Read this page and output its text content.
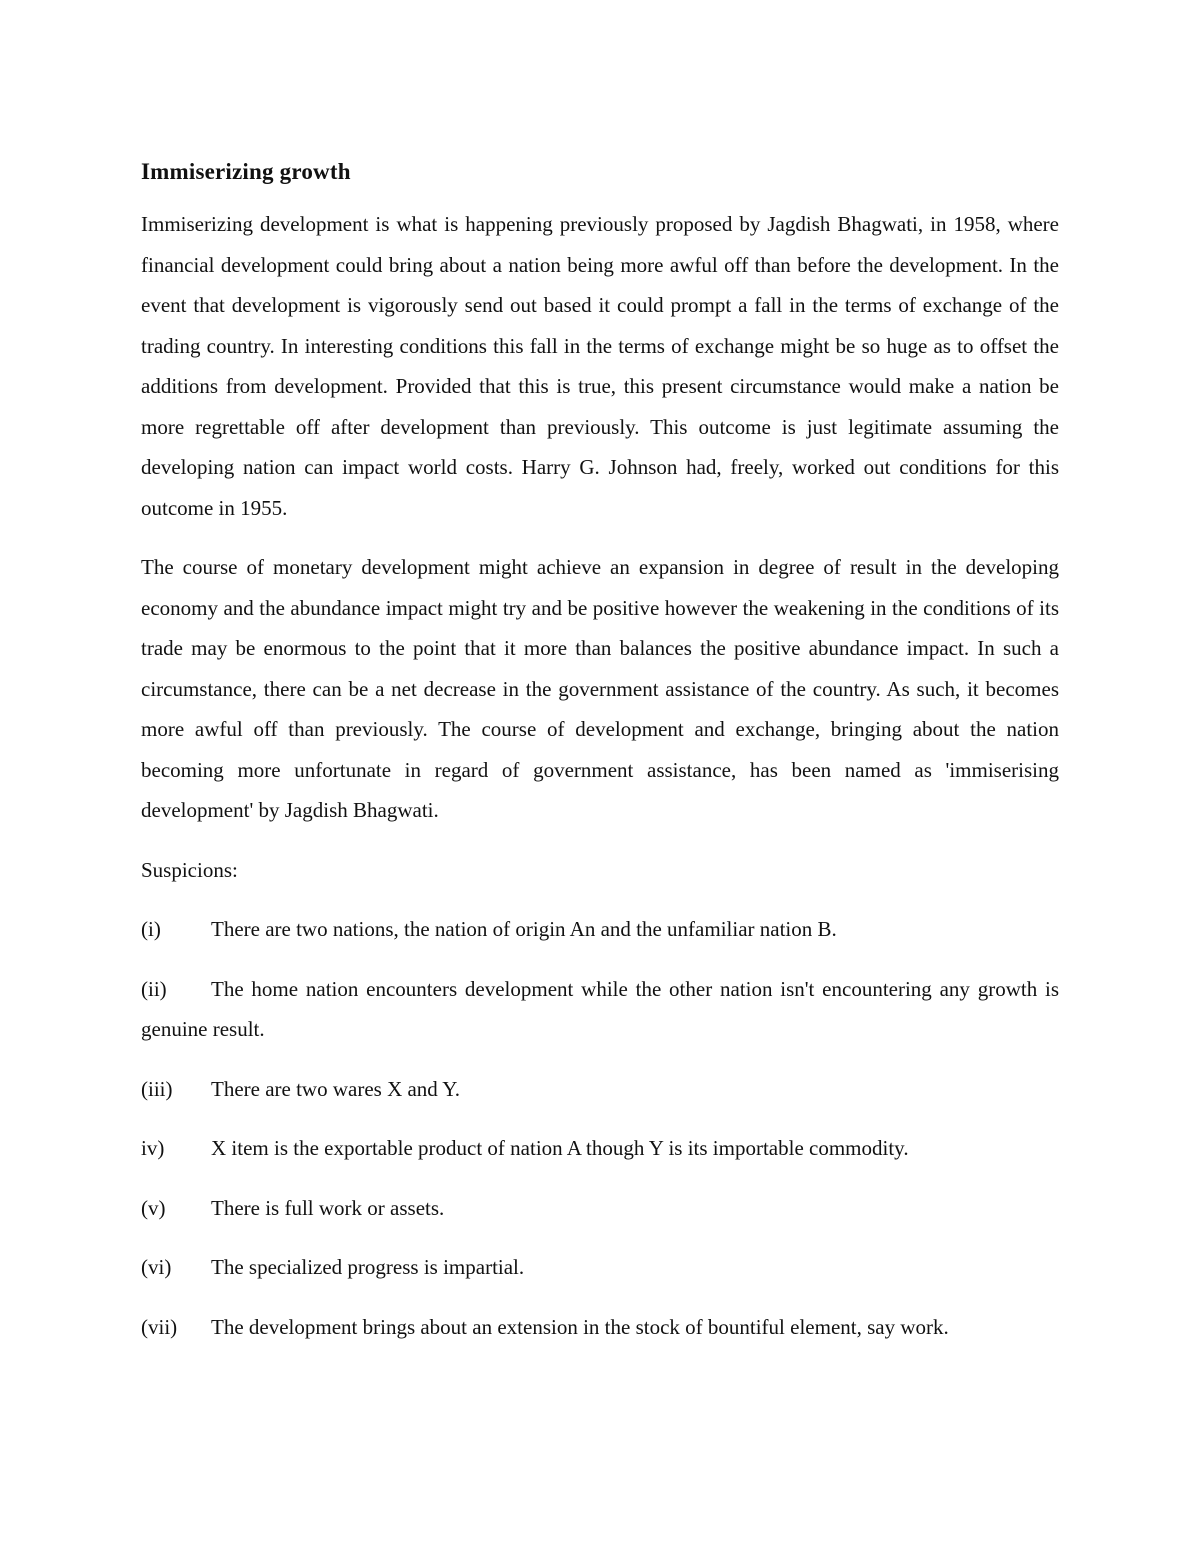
Immiserizing growth

Immiserizing development is what is happening previously proposed by Jagdish Bhagwati, in 1958, where financial development could bring about a nation being more awful off than before the development. In the event that development is vigorously send out based it could prompt a fall in the terms of exchange of the trading country. In interesting conditions this fall in the terms of exchange might be so huge as to offset the additions from development. Provided that this is true, this present circumstance would make a nation be more regrettable off after development than previously. This outcome is just legitimate assuming the developing nation can impact world costs. Harry G. Johnson had, freely, worked out conditions for this outcome in 1955.

The course of monetary development might achieve an expansion in degree of result in the developing economy and the abundance impact might try and be positive however the weakening in the conditions of its trade may be enormous to the point that it more than balances the positive abundance impact. In such a circumstance, there can be a net decrease in the government assistance of the country. As such, it becomes more awful off than previously. The course of development and exchange, bringing about the nation becoming more unfortunate in regard of government assistance, has been named as 'immiserising development' by Jagdish Bhagwati.

Suspicions:
(i) There are two nations, the nation of origin An and the unfamiliar nation B.
(ii) The home nation encounters development while the other nation isn't encountering any growth is genuine result.
(iii) There are two wares X and Y.
iv) X item is the exportable product of nation A though Y is its importable commodity.
(v) There is full work or assets.
(vi) The specialized progress is impartial.
(vii) The development brings about an extension in the stock of bountiful element, say work.
